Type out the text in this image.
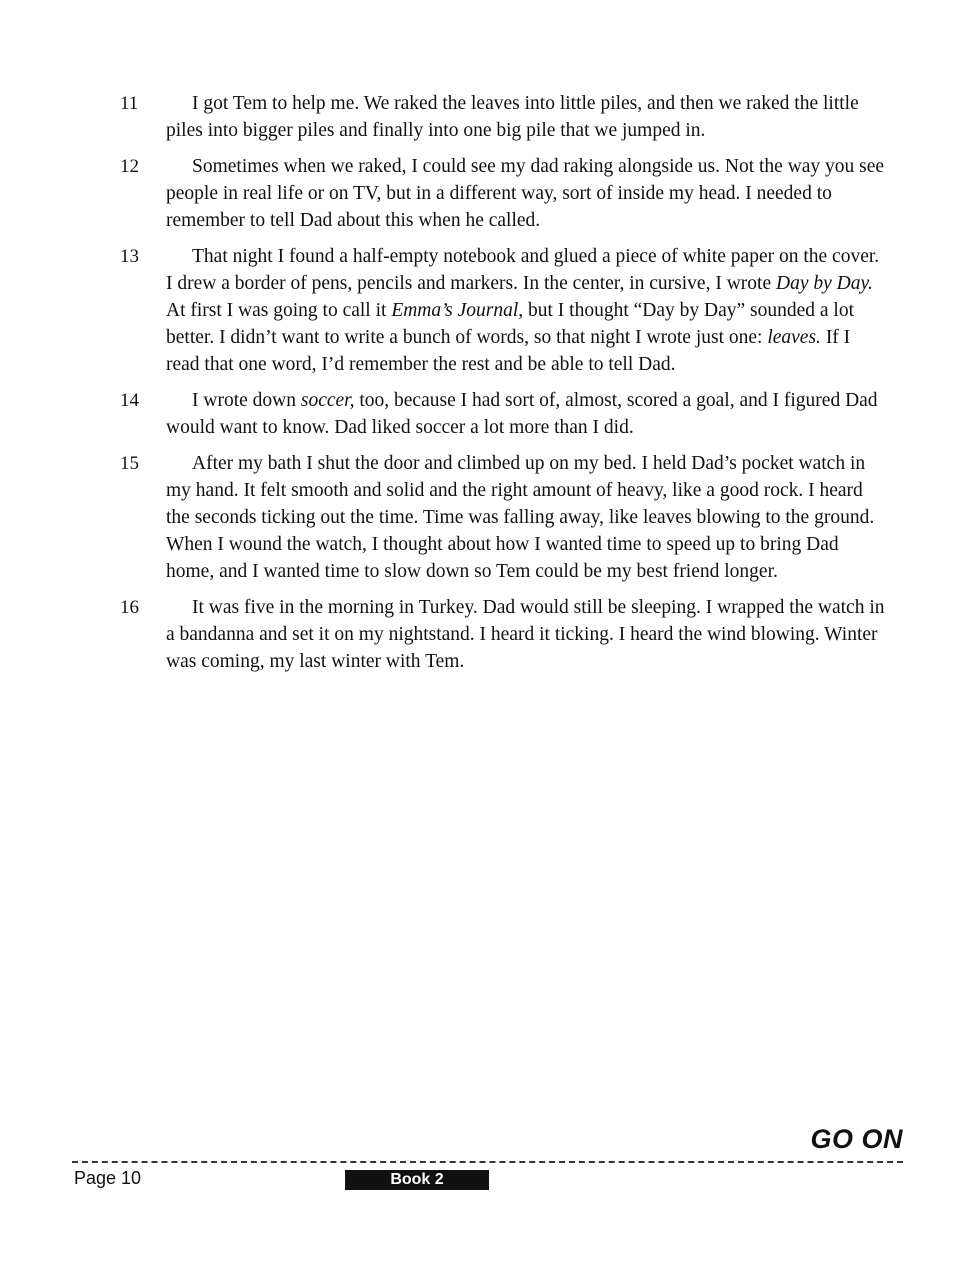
11	I got Tem to help me. We raked the leaves into little piles, and then we raked the little piles into bigger piles and finally into one big pile that we jumped in.

12	Sometimes when we raked, I could see my dad raking alongside us. Not the way you see people in real life or on TV, but in a different way, sort of inside my head. I needed to remember to tell Dad about this when he called.

13	That night I found a half-empty notebook and glued a piece of white paper on the cover. I drew a border of pens, pencils and markers. In the center, in cursive, I wrote Day by Day. At first I was going to call it Emma’s Journal, but I thought “Day by Day” sounded a lot better. I didn’t want to write a bunch of words, so that night I wrote just one: leaves. If I read that one word, I’d remember the rest and be able to tell Dad.

14	I wrote down soccer, too, because I had sort of, almost, scored a goal, and I figured Dad would want to know. Dad liked soccer a lot more than I did.

15	After my bath I shut the door and climbed up on my bed. I held Dad’s pocket watch in my hand. It felt smooth and solid and the right amount of heavy, like a good rock. I heard the seconds ticking out the time. Time was falling away, like leaves blowing to the ground. When I wound the watch, I thought about how I wanted time to speed up to bring Dad home, and I wanted time to slow down so Tem could be my best friend longer.

16	It was five in the morning in Turkey. Dad would still be sleeping. I wrapped the watch in a bandanna and set it on my nightstand. I heard it ticking. I heard the wind blowing. Winter was coming, my last winter with Tem.

GO ON
Page 10	Book 2
